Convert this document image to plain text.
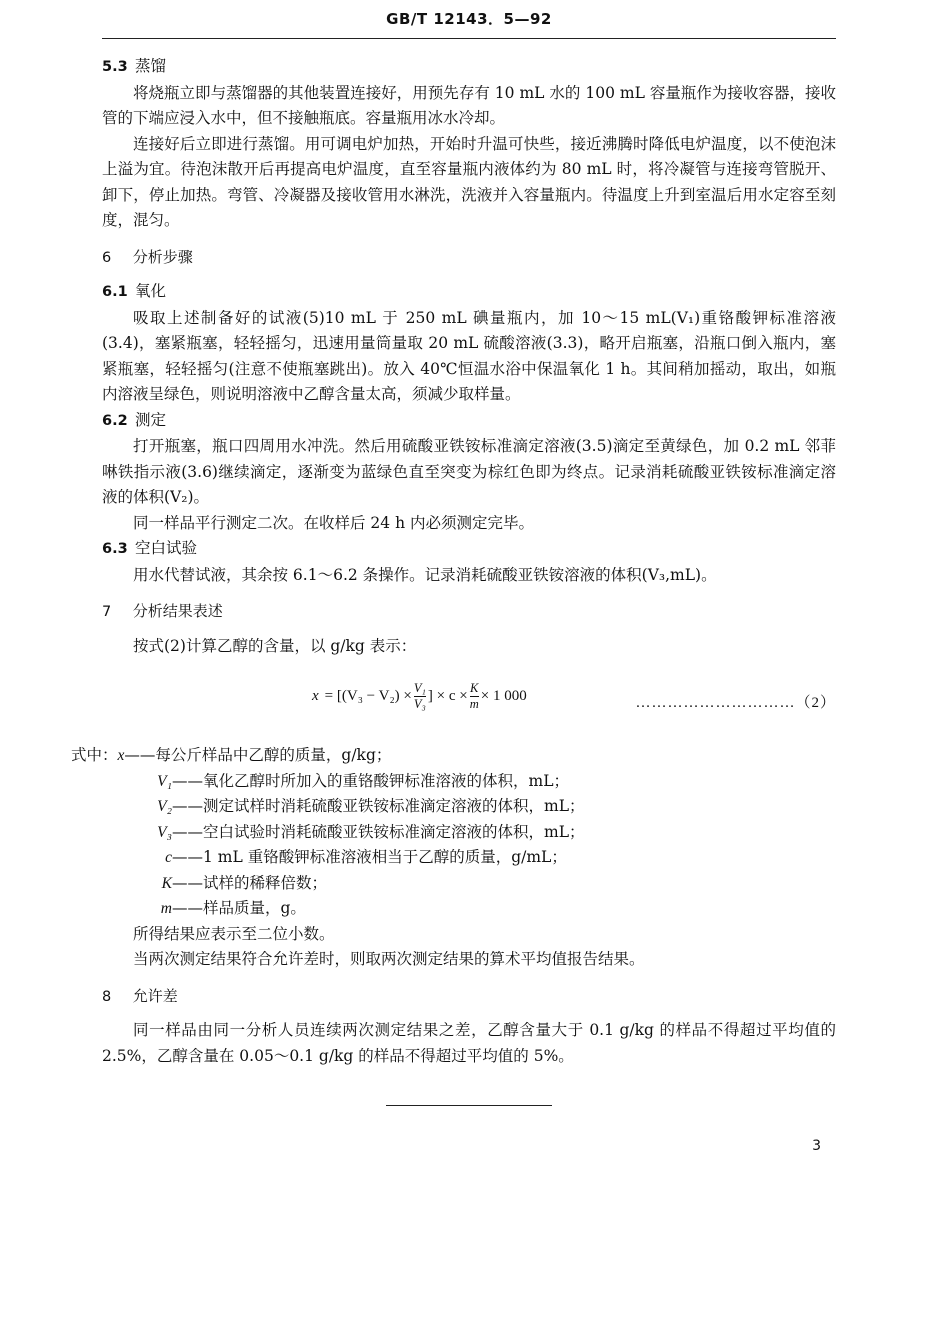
GB/T 12143．5—92
5.3 蒸馏

将烧瓶立即与蒸馏器的其他装置连接好，用预先存有 10 mL 水的 100 mL 容量瓶作为接收容器，接收管的下端应浸入水中，但不接触瓶底。容量瓶用冰水冷却。

连接好后立即进行蒸馏。用可调电炉加热，开始时升温可快些，接近沸腾时降低电炉温度，以不使泡沫上溢为宜。待泡沫散开后再提高电炉温度，直至容量瓶内液体约为 80 mL 时，将冷凝管与连接弯管脱开、卸下，停止加热。弯管、冷凝器及接收管用水淋洗，洗液并入容量瓶内。待温度上升到室温后用水定容至刻度，混匀。

6 分析步骤
6.1 氧化

吸取上述制备好的试液(5)10 mL 于 250 mL 碘量瓶内，加 10～15 mL(V₁)重铬酸钾标准溶液(3.4)，塞紧瓶塞，轻轻摇匀，迅速用量筒量取 20 mL 硫酸溶液(3.3)，略开启瓶塞，沿瓶口倒入瓶内，塞紧瓶塞，轻轻摇匀(注意不使瓶塞跳出)。放入 40℃恒温水浴中保温氧化 1 h。其间稍加摇动，取出，如瓶内溶液呈绿色，则说明溶液中乙醇含量太高，须减少取样量。

6.2 测定

打开瓶塞，瓶口四周用水冲洗。然后用硫酸亚铁铵标准滴定溶液(3.5)滴定至黄绿色，加 0.2 mL 邻菲　啉铁指示液(3.6)继续滴定，逐渐变为蓝绿色直至突变为棕红色即为终点。记录消耗硫酸亚铁铵标准滴定溶液的体积(V₂)。

同一样品平行测定二次。在收样后 24 h 内必须测定完毕。

6.3 空白试验

用水代替试液，其余按 6.1～6.2 条操作。记录消耗硫酸亚铁铵溶液的体积(V₃,mL)。

7 分析结果表述

按式(2)计算乙醇的含量，以 g/kg 表示：

$x = [(V_3 - V_2) \times \frac{\text{V₁}}{\text{V₃}}$ ] × $c \times \frac{K}{m} \times 1$ 000	…………………………（2）
式中： x ——每公斤样品中乙醇的质量，g/kg；
V₁ ——氧化乙醇时所加入的重铬酸钾标准溶液的体积，mL；
V₂ ——测定试样时消耗硫酸亚铁铵标准滴定溶液的体积，mL；
V₃ ——空白试验时消耗硫酸亚铁铵标准滴定溶液的体积，mL；
c ——1 mL 重铬酸钾标准溶液相当于乙醇的质量，g/mL；
K ——试样的稀释倍数；
m ——样品质量，g。

所得结果应表示至二位小数。

当两次测定结果符合允许差时，则取两次测定结果的算术平均值报告结果。

8 允许差

同一样品由同一分析人员连续两次测定结果之差，乙醇含量大于 0.1 g/kg 的样品不得超过平均值的 2.5%，乙醇含量在 0.05～0.1 g/kg 的样品不得超过平均值的 5%。

3
